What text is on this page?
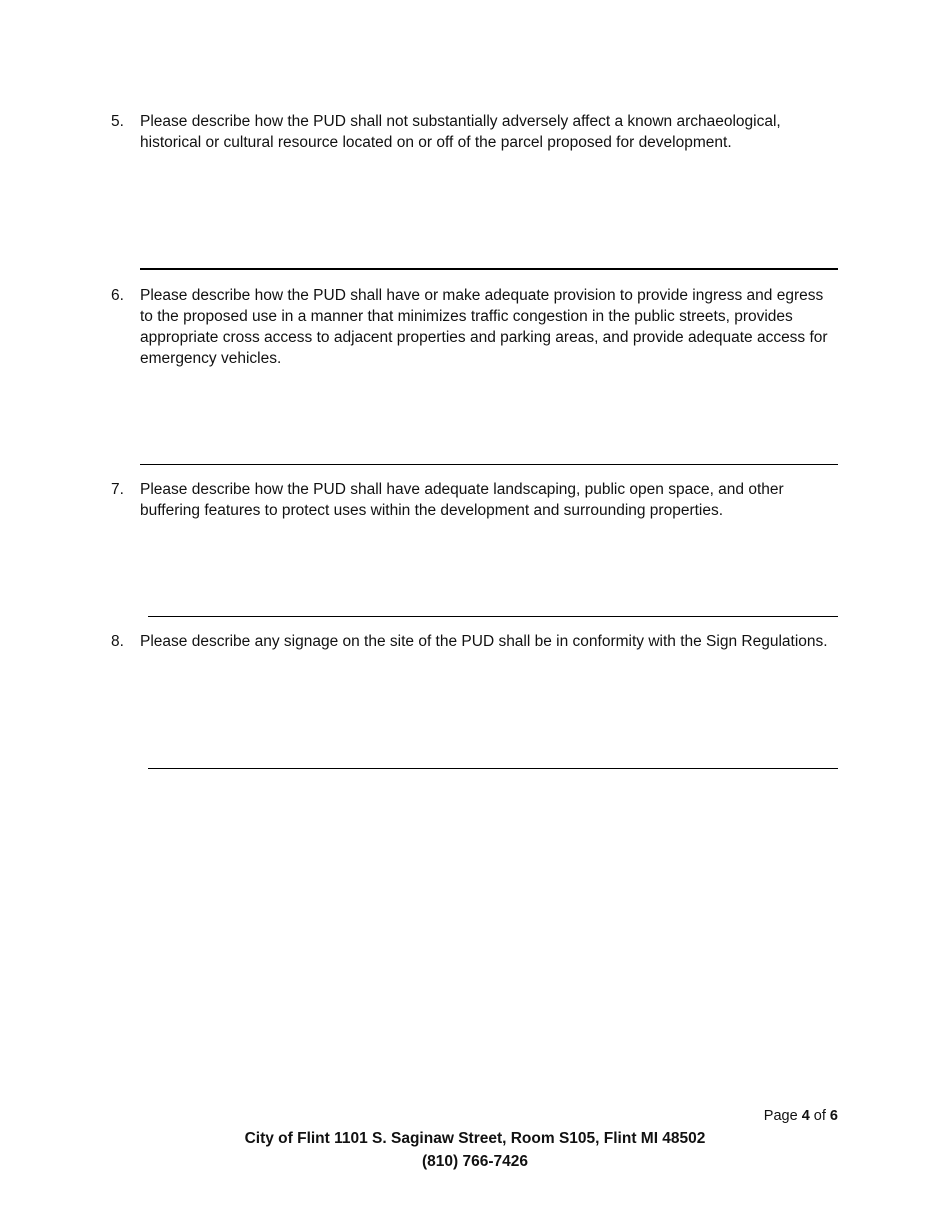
5.	Please describe how the PUD shall not substantially adversely affect a known archaeological, historical or cultural resource located on or off of the parcel proposed for development.
6.	Please describe how the PUD shall have or make adequate provision to provide ingress and egress to the proposed use in a manner that minimizes traffic congestion in the public streets, provides appropriate cross access to adjacent properties and parking areas, and provide adequate access for emergency vehicles.
7.	Please describe how the PUD shall have adequate landscaping, public open space, and other buffering features to protect uses within the development and surrounding properties.
8.	Please describe any signage on the site of the PUD shall be in conformity with the Sign Regulations.
Page 4 of 6
City of Flint 1101 S. Saginaw Street, Room S105, Flint MI 48502
(810) 766-7426
